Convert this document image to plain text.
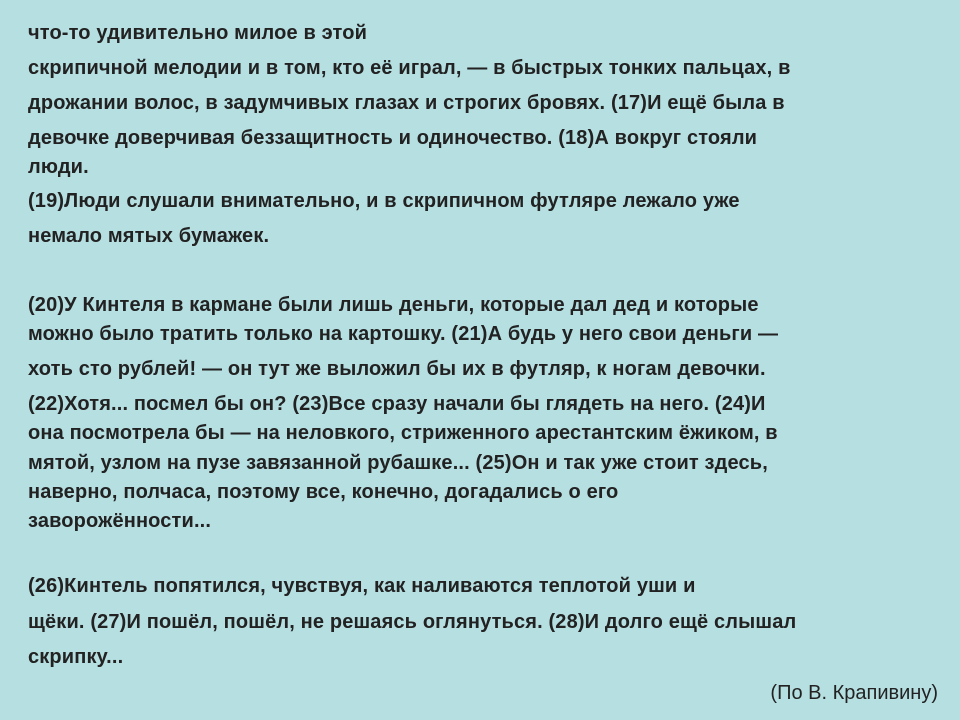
что-то удивительно милое в этой

скрипичной мелодии и в том, кто её играл, — в быстрых тонких пальцах, в

дрожании волос, в задумчивых глазах и строгих бровях. (17)И ещё была в

девочке доверчивая беззащитность и одиночество. (18)А вокруг стояли

люди.

(19)Люди слушали внимательно, и в скрипичном футляре лежало уже

немало мятых бумажек.

(20)У Кинтеля в кармане были лишь деньги, которые дал дед и которые

можно было тратить только на картошку. (21)А будь у него свои деньги —

хоть сто рублей! — он тут же выложил бы их в футляр, к ногам девочки.

(22)Хотя... посмел бы он? (23)Все сразу начали бы глядеть на него. (24)И

она посмотрела бы — на неловкого, стриженного арестантским ёжиком, в

мятой, узлом на пузе завязанной рубашке... (25)Он и так уже стоит здесь,

наверно, полчаса, поэтому все, конечно, догадались о его

заворожённости...

(26)Кинтель попятился, чувствуя, как наливаются теплотой уши и

щёки. (27)И пошёл, пошёл, не решаясь оглянуться. (28)И долго ещё слышал

скрипку...

(По В. Крапивину)
